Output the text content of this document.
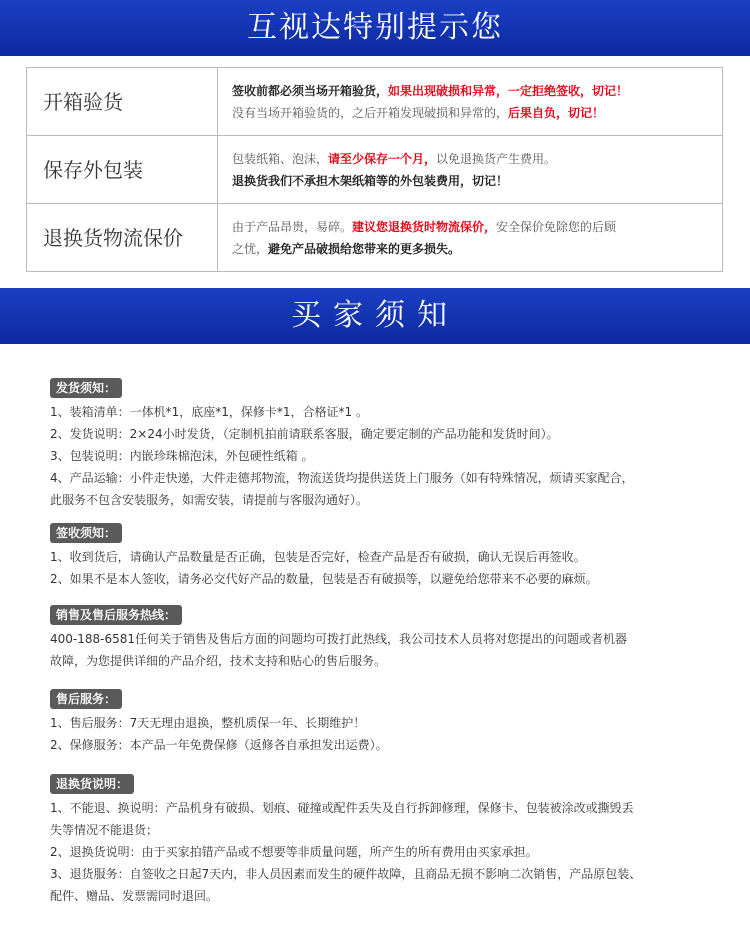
互视达特别提示您
开箱验货	签收前都必须当场开箱验货，如果出现破损和异常，一定拒绝签收，切记！
没有当场开箱验货的，之后开箱发现破损和异常的，后果自负，切记！
保存外包装	包装纸箱、泡沫，请至少保存一个月，以免退换货产生费用。
退换货我们不承担木架纸箱等的外包装费用，切记！
退换货物流保价	由于产品昂贵，易碎。建议您退换货时物流保价，安全保价免除您的后顾
之忧，避免产品破损给您带来的更多损失。
买家须知
发货须知：
1、装箱清单：一体机*1，底座*1，保修卡*1，合格证*1 。
2、发货说明：2×24小时发货，（定制机拍前请联系客服，确定要定制的产品功能和发货时间）。
3、包装说明：内嵌珍珠棉泡沫，外包硬性纸箱 。
4、产品运输：小件走快递，大件走德邦物流，物流送货均提供送货上门服务（如有特殊情况，烦请买家配合，
此服务不包含安装服务，如需安装，请提前与客服沟通好）。
签收须知：
1、收到货后，请确认产品数量是否正确，包装是否完好，检查产品是否有破损，确认无误后再签收。
2、如果不是本人签收，请务必交代好产品的数量，包装是否有破损等，以避免给您带来不必要的麻烦。
销售及售后服务热线：
400-188-6581任何关于销售及售后方面的问题均可拨打此热线，我公司技术人员将对您提出的问题或者机器
故障，为您提供详细的产品介绍，技术支持和贴心的售后服务。
售后服务：
1、售后服务：7天无理由退换，整机质保一年、长期维护！
2、保修服务：本产品一年免费保修（返修各自承担发出运费）。
退换货说明：
1、不能退、换说明：产品机身有破损、划痕、碰撞或配件丢失及自行拆卸修理，保修卡、包装被涂改或撕毁丢
失等情况不能退货；
2、退换货说明：由于买家拍错产品或不想要等非质量问题，所产生的所有费用由买家承担。
3、退货服务：自签收之日起7天内，非人员因素而发生的硬件故障，且商品无损不影响二次销售，产品原包装、
配件、赠品、发票需同时退回。
